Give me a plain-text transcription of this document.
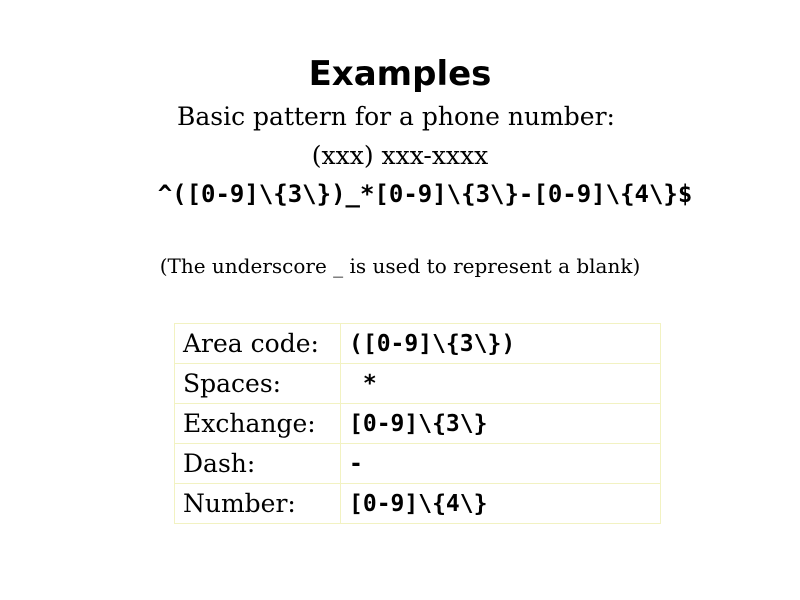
Examples
Basic pattern for a phone number:
(xxx) xxx-xxxx
^([0-9]\{3\})_*[0-9]\{3\}-[0-9]\{4\}$
(The underscore _ is used to represent a blank)
Area code:	([0-9]\{3\})
Spaces:	*
Exchange:	[0-9]\{3\}
Dash:	-
Number:	[0-9]\{4\}
